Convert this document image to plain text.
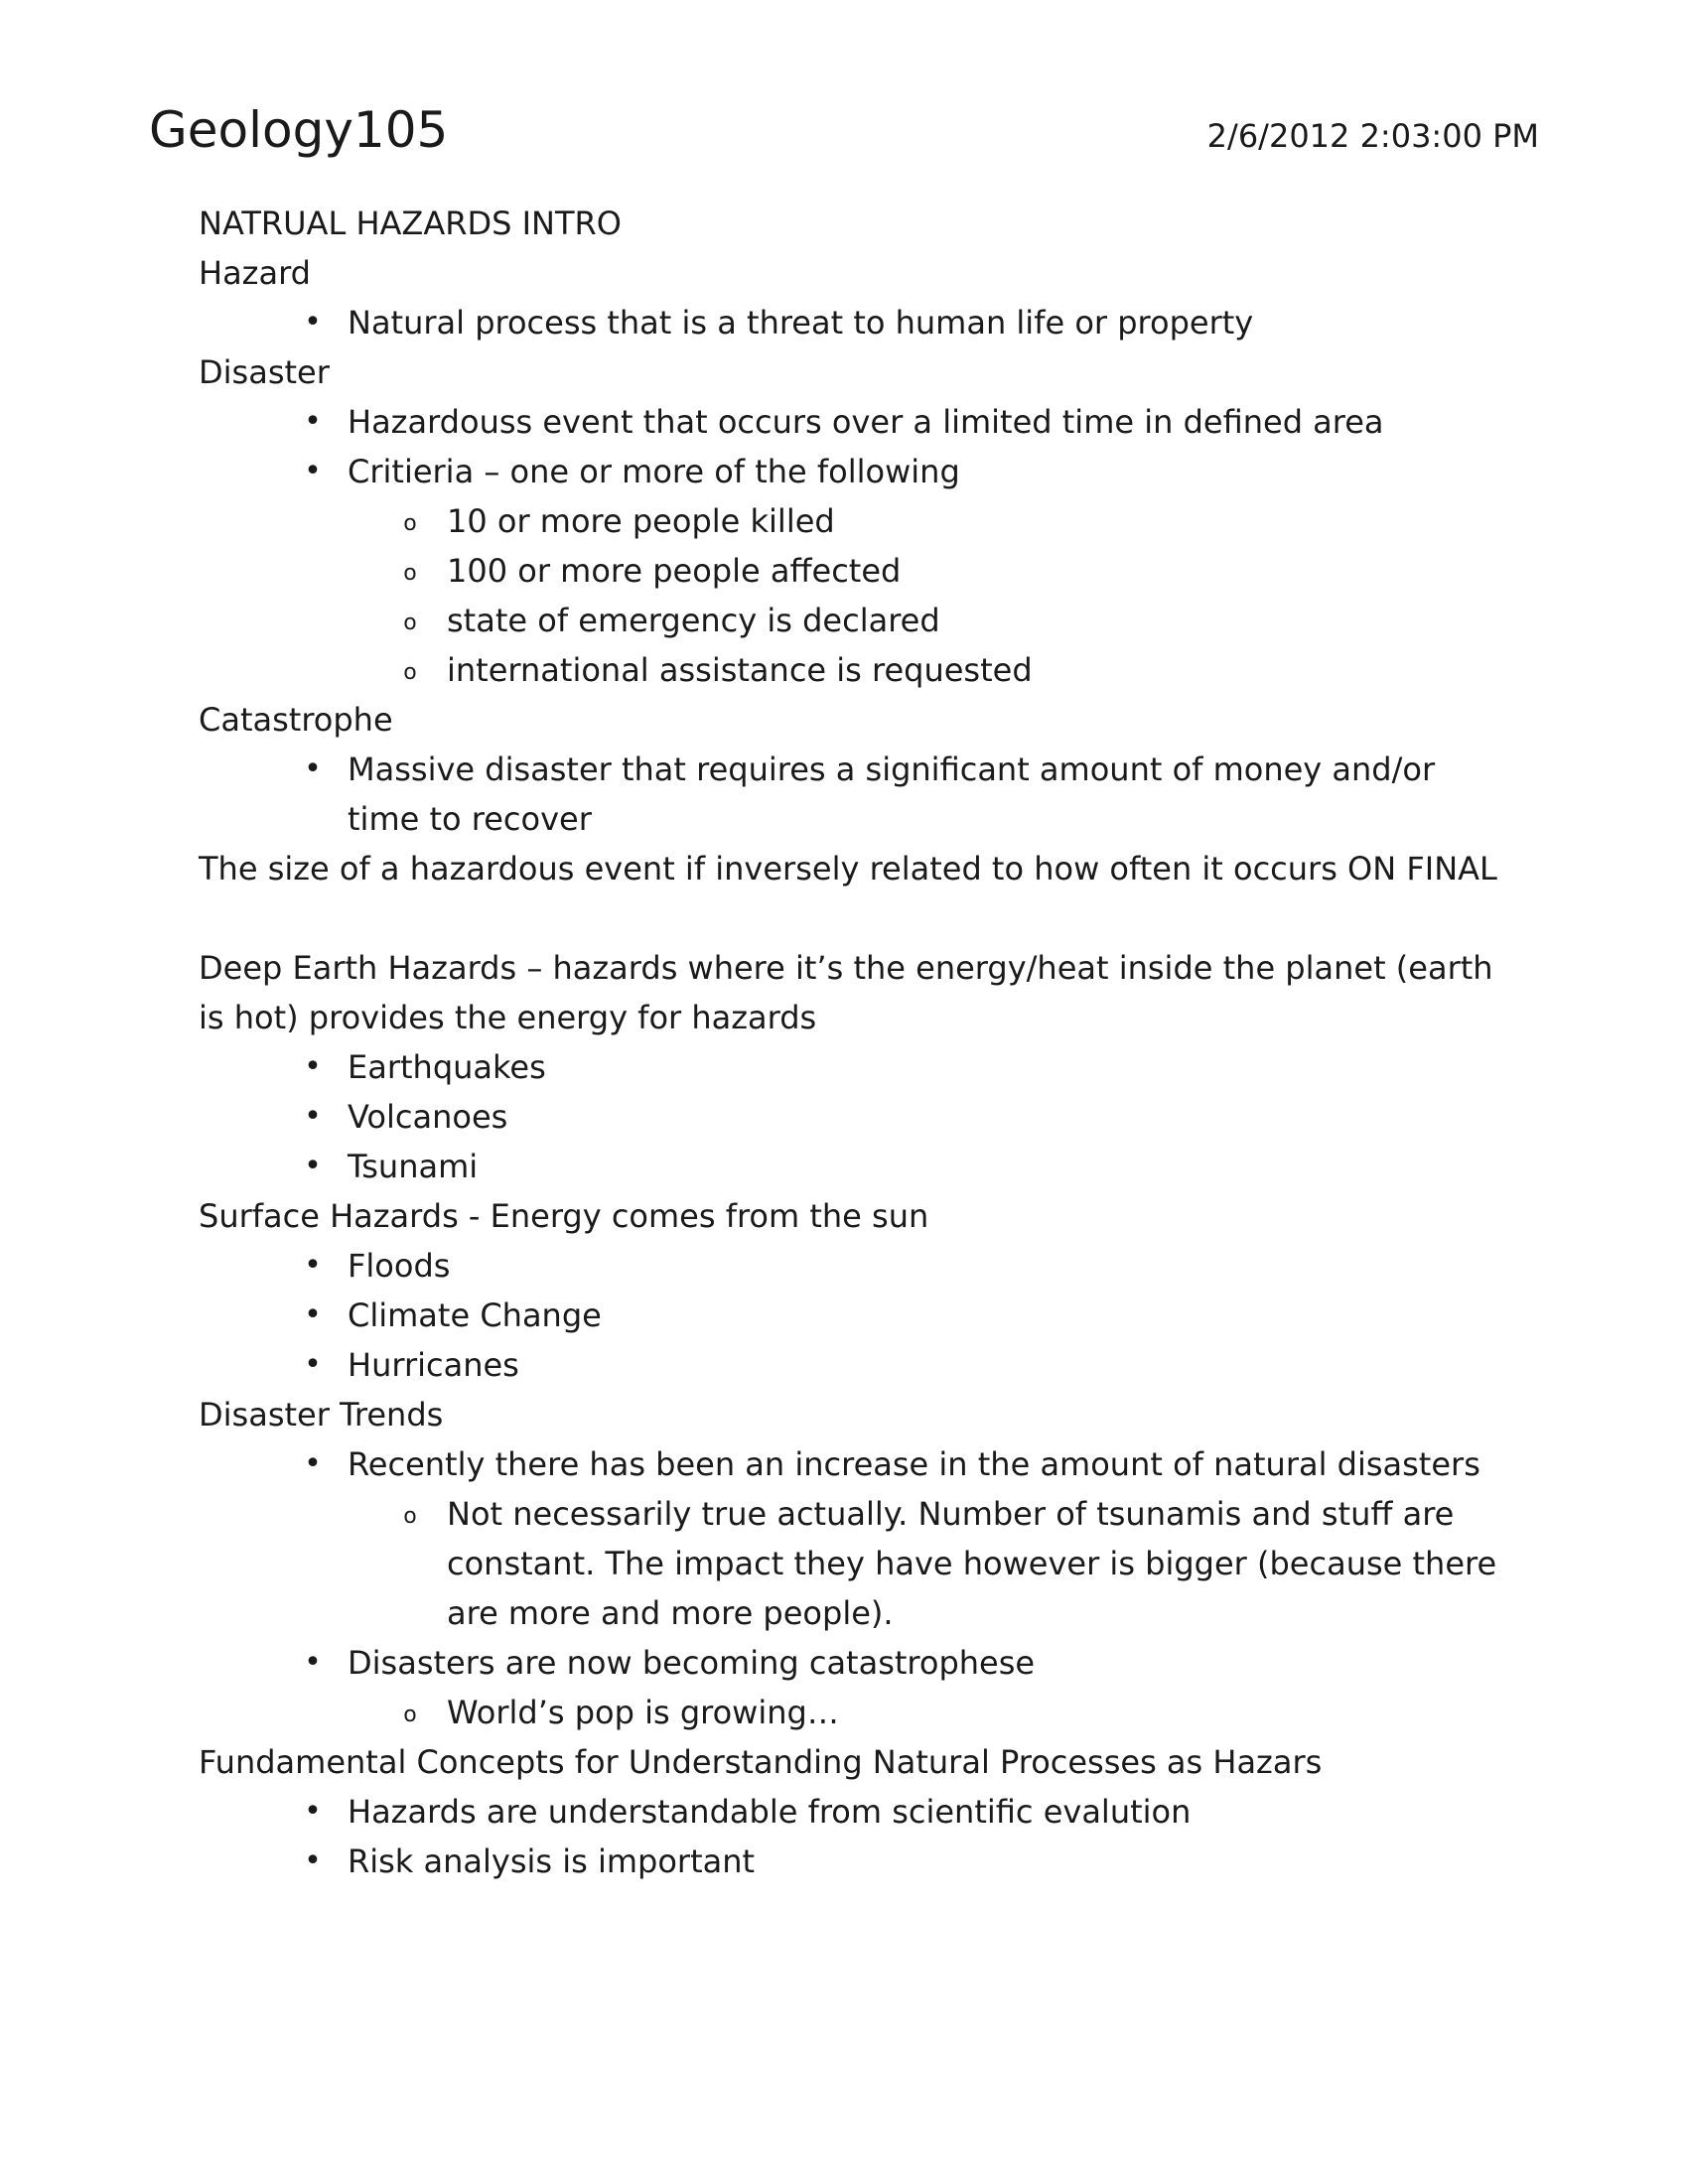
Geology105	2/6/2012 2:03:00 PM

NATRUAL HAZARDS INTRO

Hazard

• Natural process that is a threat to human life or property

Disaster

• Hazardouss event that occurs over a limited time in defined area
• Critieria – one or more of the following
o 10 or more people killed
o 100 or more people affected
o state of emergency is declared
o international assistance is requested

Catastrophe

• Massive disaster that requires a significant amount of money and/or time to recover

The size of a hazardous event if inversely related to how often it occurs ON FINAL

Deep Earth Hazards – hazards where it’s the energy/heat inside the planet (earth is hot) provides the energy for hazards

• Earthquakes
• Volcanoes
• Tsunami

Surface Hazards - Energy comes from the sun

• Floods
• Climate Change
• Hurricanes

Disaster Trends

• Recently there has been an increase in the amount of natural disasters
o Not necessarily true actually. Number of tsunamis and stuff are constant. The impact they have however is bigger (because there are more and more people).
• Disasters are now becoming catastrophese
o World’s pop is growing…

Fundamental Concepts for Understanding Natural Processes as Hazars

• Hazards are understandable from scientific evalution
• Risk analysis is important
